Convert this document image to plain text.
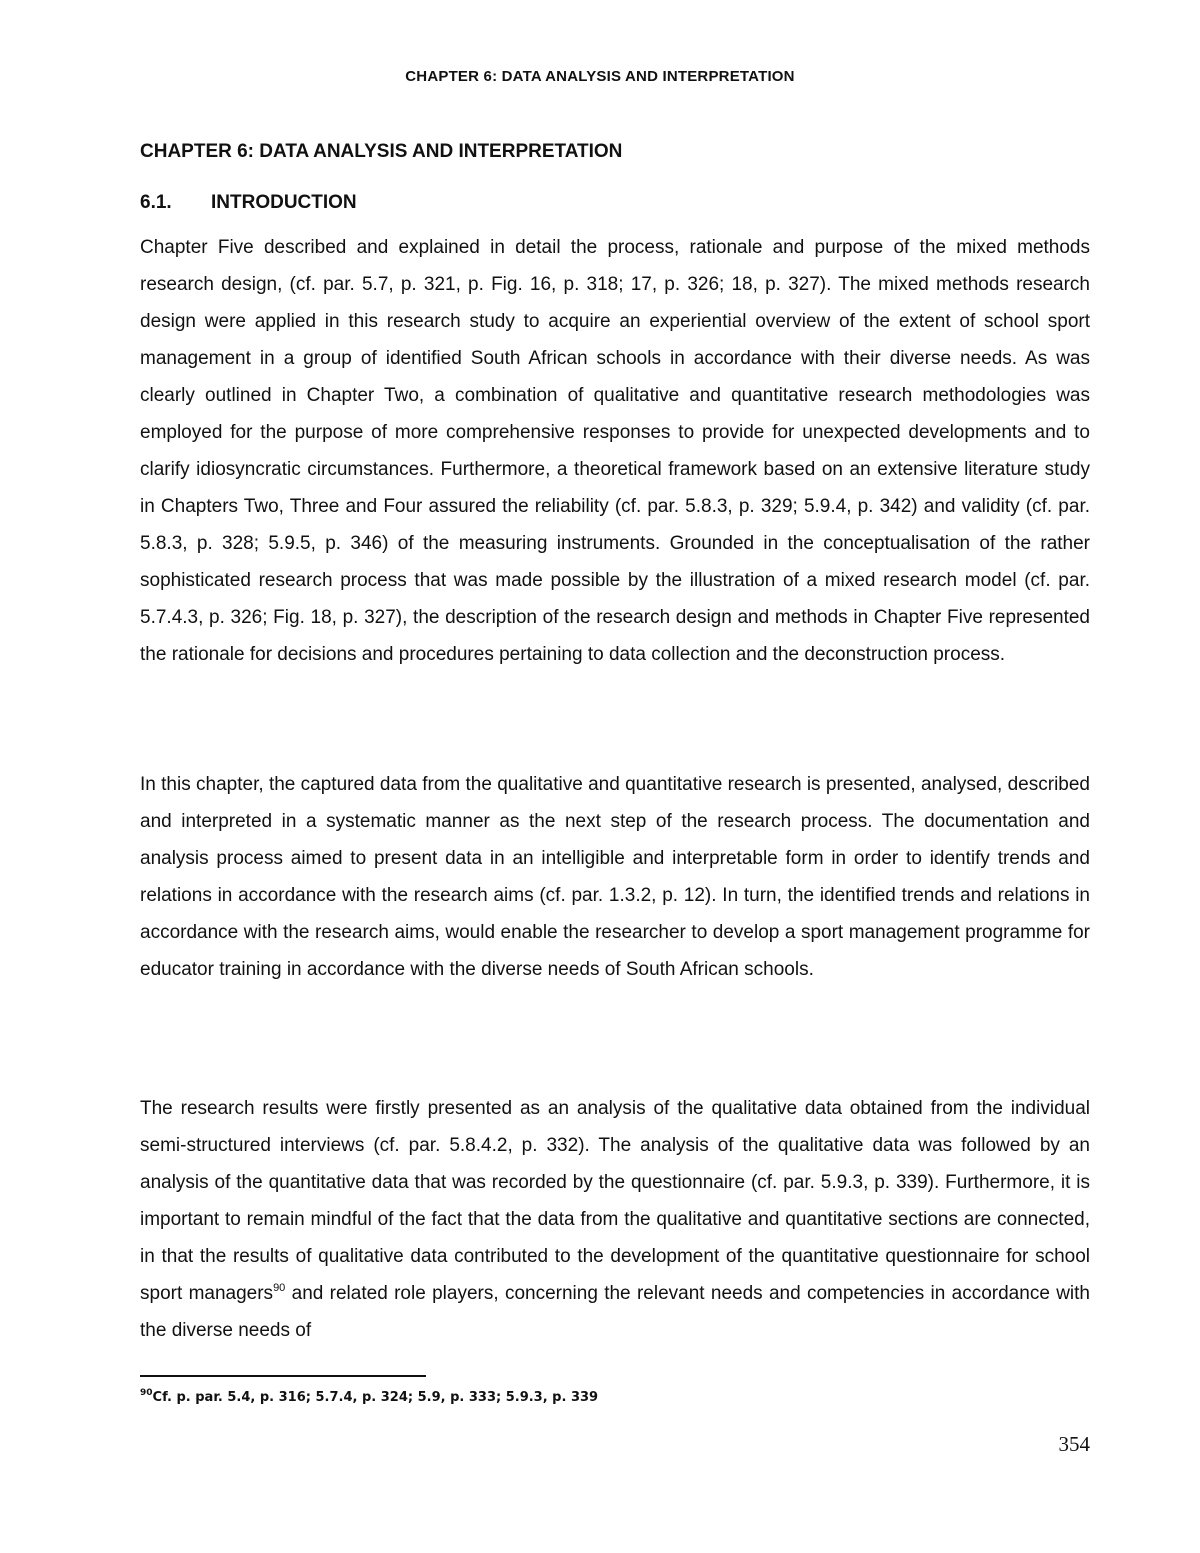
CHAPTER 6: DATA ANALYSIS AND INTERPRETATION
CHAPTER 6: DATA ANALYSIS AND INTERPRETATION
6.1. INTRODUCTION

Chapter Five described and explained in detail the process, rationale and purpose of the mixed methods research design, (cf. par. 5.7, p. 321, p. Fig. 16, p. 318; 17, p. 326; 18, p. 327). The mixed methods research design were applied in this research study to acquire an experiential overview of the extent of school sport management in a group of identified South African schools in accordance with their diverse needs. As was clearly outlined in Chapter Two, a combination of qualitative and quantitative research methodologies was employed for the purpose of more comprehensive responses to provide for unexpected developments and to clarify idiosyncratic circumstances. Furthermore, a theoretical framework based on an extensive literature study in Chapters Two, Three and Four assured the reliability (cf. par. 5.8.3, p. 329; 5.9.4, p. 342) and validity (cf. par. 5.8.3, p. 328; 5.9.5, p. 346) of the measuring instruments. Grounded in the conceptualisation of the rather sophisticated research process that was made possible by the illustration of a mixed research model (cf. par. 5.7.4.3, p. 326; Fig. 18, p. 327), the description of the research design and methods in Chapter Five represented the rationale for decisions and procedures pertaining to data collection and the deconstruction process.

In this chapter, the captured data from the qualitative and quantitative research is presented, analysed, described and interpreted in a systematic manner as the next step of the research process. The documentation and analysis process aimed to present data in an intelligible and interpretable form in order to identify trends and relations in accordance with the research aims (cf. par. 1.3.2, p. 12). In turn, the identified trends and relations in accordance with the research aims, would enable the researcher to develop a sport management programme for educator training in accordance with the diverse needs of South African schools.

The research results were firstly presented as an analysis of the qualitative data obtained from the individual semi-structured interviews (cf. par. 5.8.4.2, p. 332). The analysis of the qualitative data was followed by an analysis of the quantitative data that was recorded by the questionnaire (cf. par. 5.9.3, p. 339). Furthermore, it is important to remain mindful of the fact that the data from the qualitative and quantitative sections are connected, in that the results of qualitative data contributed to the development of the quantitative questionnaire for school sport managers$^{90}$ and related role players, concerning the relevant needs and competencies in accordance with the diverse needs of

$^{90}$Cf. p. par. 5.4, p. 316; 5.7.4, p. 324; 5.9, p. 333; 5.9.3, p. 339

354
